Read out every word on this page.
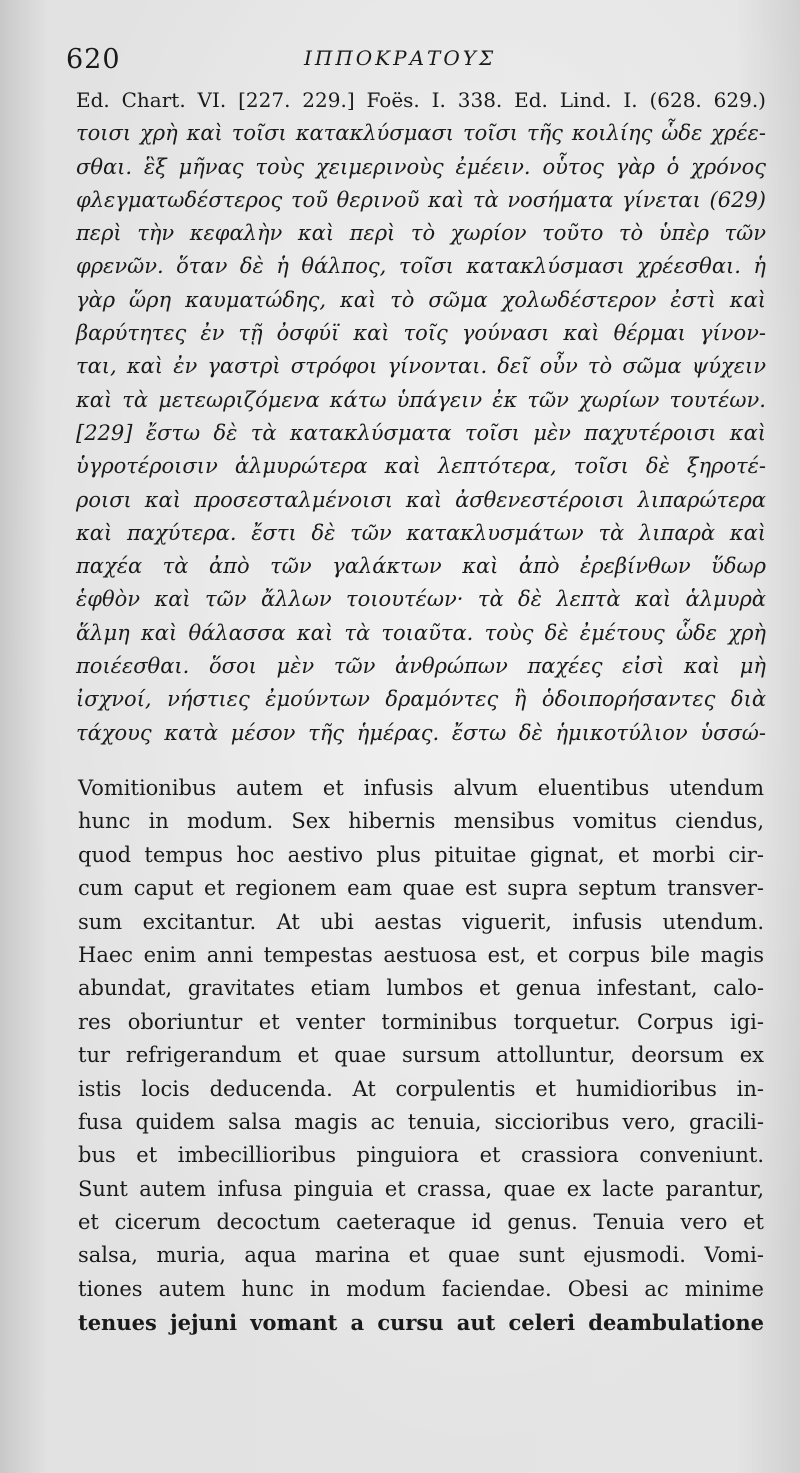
620	ΙΠΠΟΚΡΑΤΟΥΣ
Ed. Chart. VI. [227. 229.] Foës. I. 338. Ed. Lind. I. (628. 629.)
τοισι χρὴ καὶ τοῖσι κατακλύσμασι τοῖσι τῆς κοιλίης ὧδε χρέε-
σθαι. ἓξ μῆνας τοὺς χειμερινοὺς ἐμέειν. οὗτος γὰρ ὁ χρόνος
φλεγματωδέστερος τοῦ θερινοῦ καὶ τὰ νοσήματα γίνεται (629)
περὶ τὴν κεφαλὴν καὶ περὶ τὸ χωρίον τοῦτο τὸ ὑπὲρ τῶν
φρενῶν. ὅταν δὲ ἡ θάλπος, τοῖσι κατακλύσμασι χρέεσθαι. ἡ
γὰρ ὥρη καυματώδης, καὶ τὸ σῶμα χολωδέστερον ἐστὶ καὶ
βαρύτητες ἐν τῇ ὀσφύϊ καὶ τοῖς γούνασι καὶ θέρμαι γίνον-
ται, καὶ ἐν γαστρὶ στρόφοι γίνονται. δεῖ οὖν τὸ σῶμα ψύχειν
καὶ τὰ μετεωριζόμενα κάτω ὑπάγειν ἐκ τῶν χωρίων τουτέων.
[229] ἔστω δὲ τὰ κατακλύσματα τοῖσι μὲν παχυτέροισι καὶ
ὑγροτέροισιν ἁλμυρώτερα καὶ λεπτότερα, τοῖσι δὲ ξηροτέ-
ροισι καὶ προσεσταλμένοισι καὶ ἀσθενεστέροισι λιπαρώτερα
καὶ παχύτερα. ἔστι δὲ τῶν κατακλυσμάτων τὰ λιπαρὰ καὶ
παχέα τὰ ἀπὸ τῶν γαλάκτων καὶ ἀπὸ ἐρεβίνθων ὕδωρ
ἑφθὸν καὶ τῶν ἄλλων τοιουτέων· τὰ δὲ λεπτὰ καὶ ἁλμυρὰ
ἅλμη καὶ θάλασσα καὶ τὰ τοιαῦτα. τοὺς δὲ ἐμέτους ὧδε χρὴ
ποιέεσθαι. ὅσοι μὲν τῶν ἀνθρώπων παχέες εἰσὶ καὶ μὴ
ἰσχνοί, νήστιες ἐμούντων δραμόντες ἢ ὁδοιπορήσαντες διὰ
τάχους κατὰ μέσον τῆς ἡμέρας. ἔστω δὲ ἡμικοτύλιον ὑσσώ-
Vomitionibus autem et infusis alvum eluentibus utendum
hunc in modum. Sex hibernis mensibus vomitus ciendus,
quod tempus hoc aestivo plus pituitae gignat, et morbi cir-
cum caput et regionem eam quae est supra septum transver-
sum excitantur. At ubi aestas viguerit, infusis utendum.
Haec enim anni tempestas aestuosa est, et corpus bile magis
abundat, gravitates etiam lumbos et genua infestant, calo-
res oboriuntur et venter torminibus torquetur. Corpus igi-
tur refrigerandum et quae sursum attolluntur, deorsum ex
istis locis deducenda. At corpulentis et humidioribus in-
fusa quidem salsa magis ac tenuia, siccioribus vero, gracili-
bus et imbecillioribus pinguiora et crassiora conveniunt.
Sunt autem infusa pinguia et crassa, quae ex lacte parantur,
et cicerum decoctum caeteraque id genus. Tenuia vero et
salsa, muria, aqua marina et quae sunt ejusmodi. Vomi-
tiones autem hunc in modum faciendae. Obesi ac minime
tenues jejuni vomant a cursu aut celeri deambulatione
